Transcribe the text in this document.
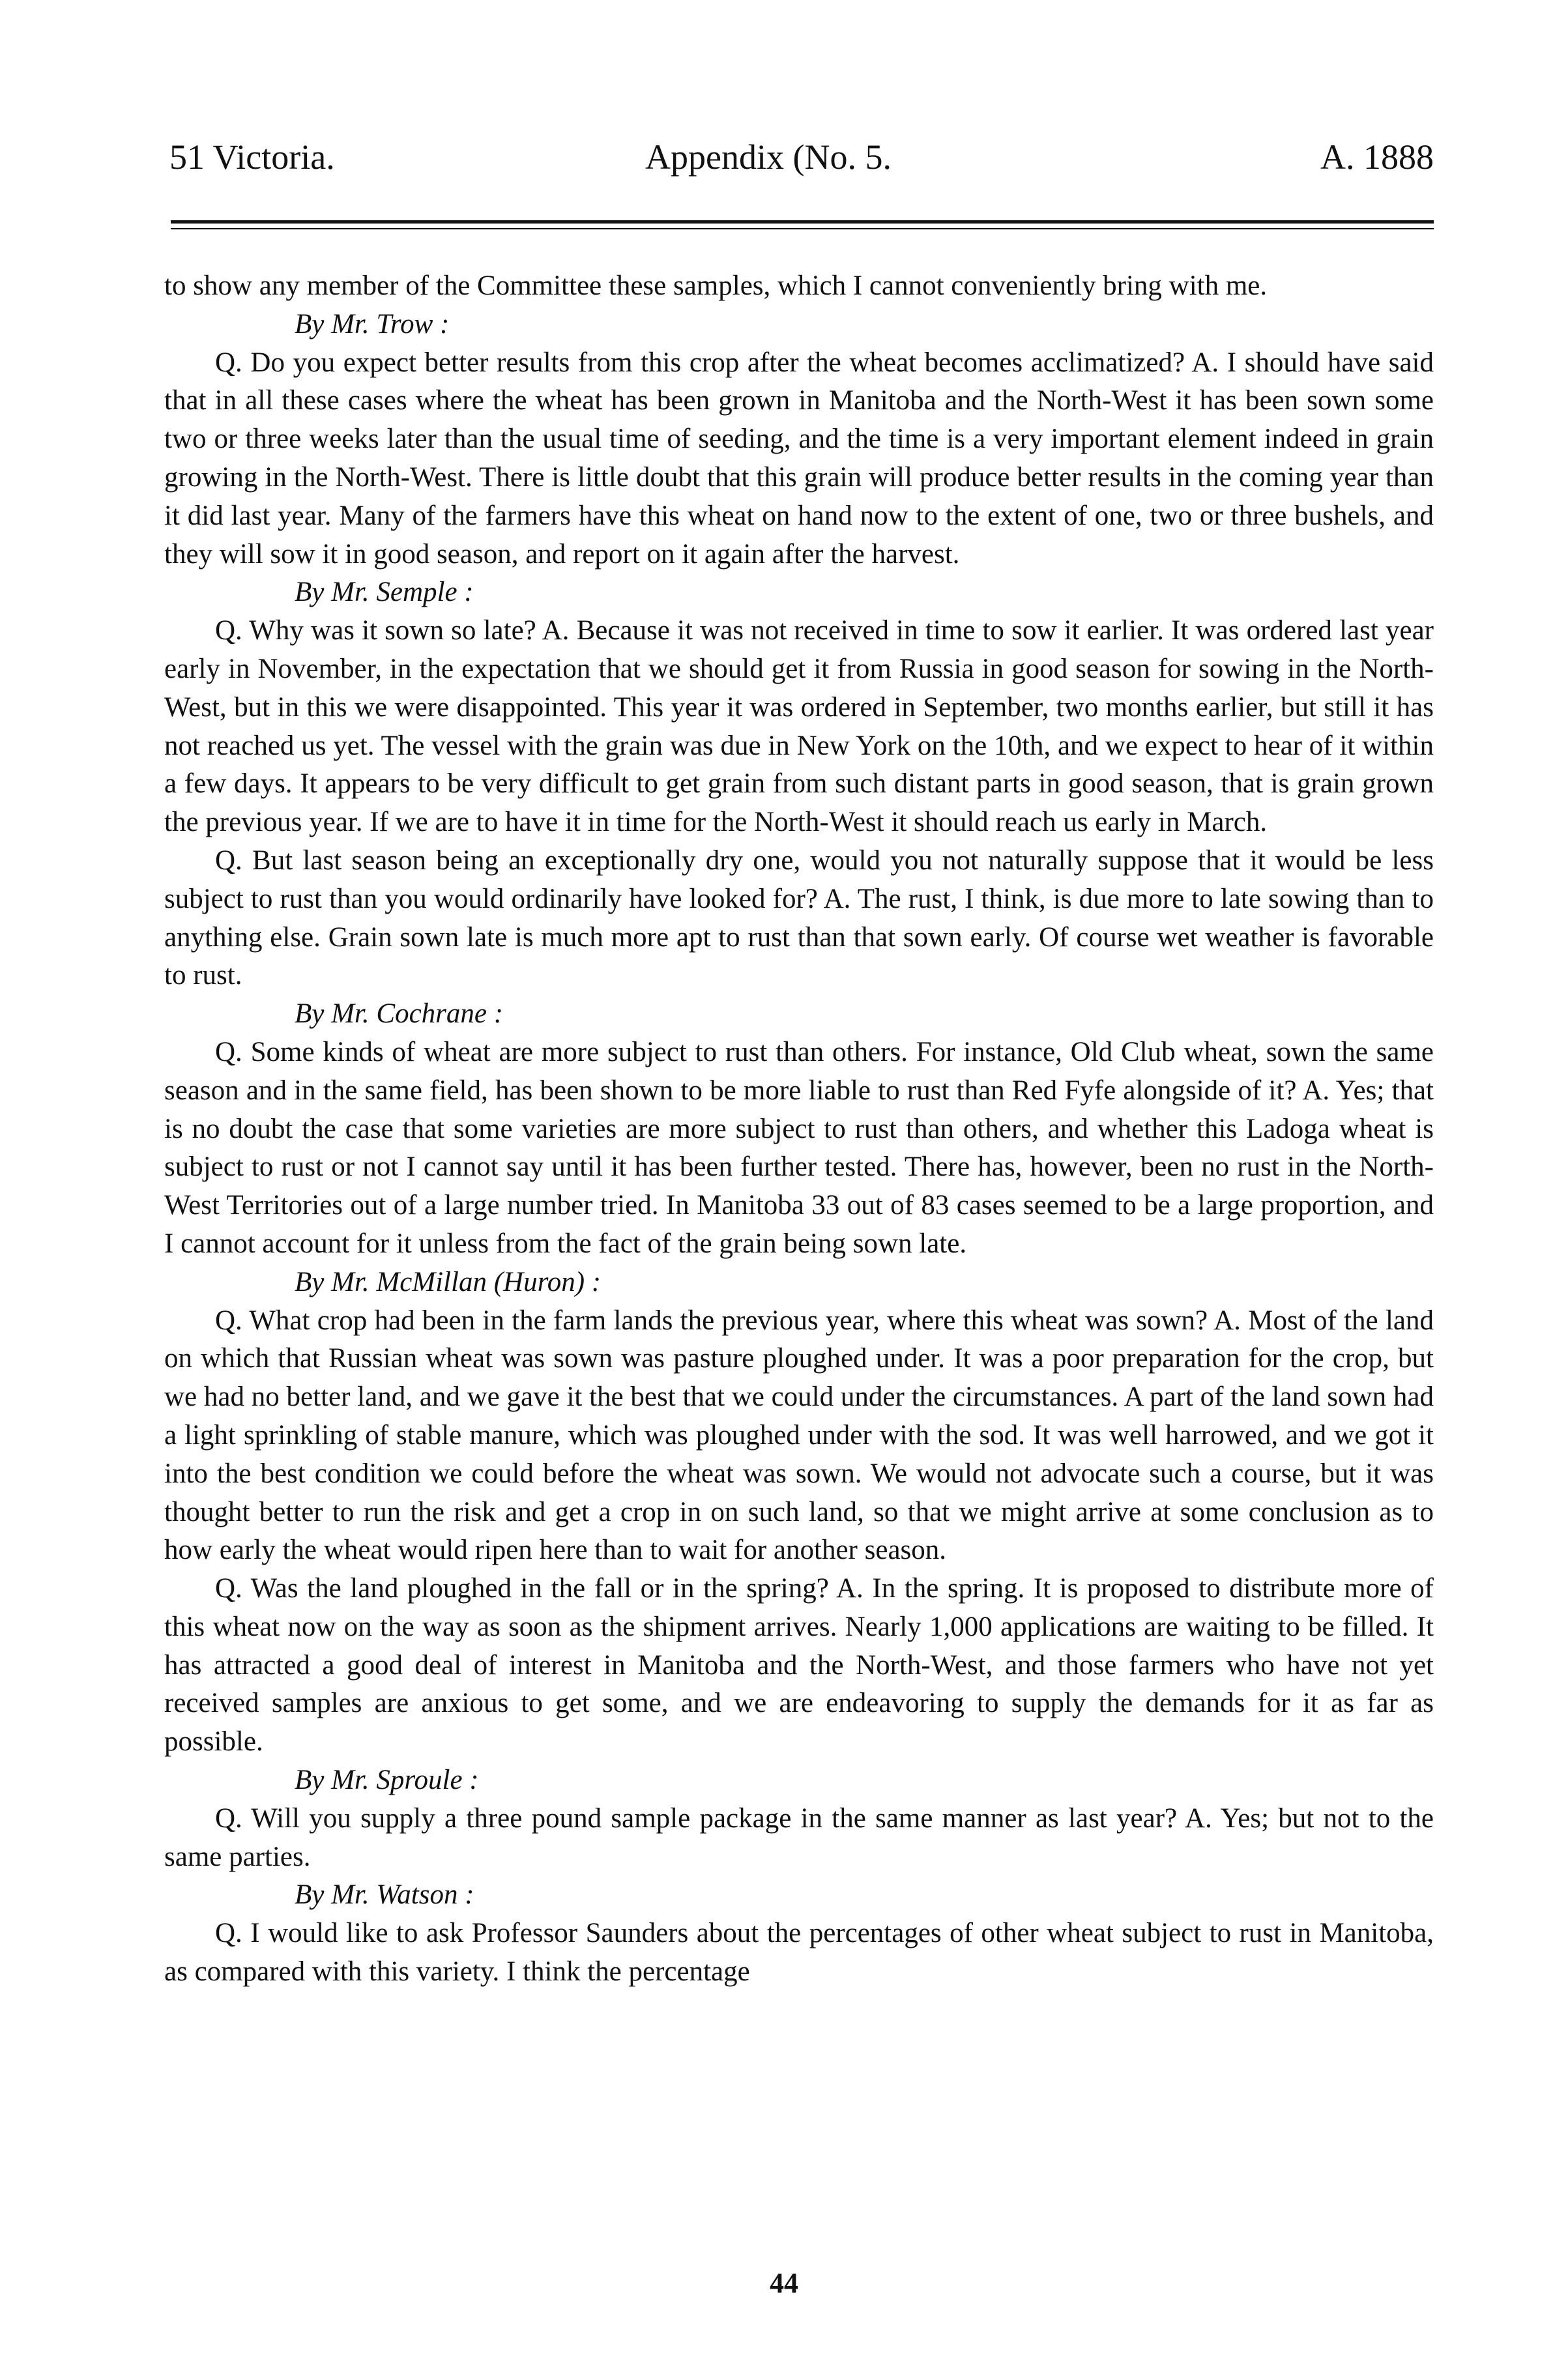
51 Victoria.	Appendix (No. 5.	A. 1888

to show any member of the Committee these samples, which I cannot conveniently bring with me.

By Mr. Trow :

Q. Do you expect better results from this crop after the wheat becomes acclimatized? A. I should have said that in all these cases where the wheat has been grown in Manitoba and the North-West it has been sown some two or three weeks later than the usual time of seeding, and the time is a very important element indeed in grain growing in the North-West. There is little doubt that this grain will produce better results in the coming year than it did last year. Many of the farmers have this wheat on hand now to the extent of one, two or three bushels, and they will sow it in good season, and report on it again after the harvest.

By Mr. Semple :

Q. Why was it sown so late? A. Because it was not received in time to sow it earlier. It was ordered last year early in November, in the expectation that we should get it from Russia in good season for sowing in the North-West, but in this we were disappointed. This year it was ordered in September, two months earlier, but still it has not reached us yet. The vessel with the grain was due in New York on the 10th, and we expect to hear of it within a few days. It appears to be very difficult to get grain from such distant parts in good season, that is grain grown the previous year. If we are to have it in time for the North-West it should reach us early in March.

Q. But last season being an exceptionally dry one, would you not naturally suppose that it would be less subject to rust than you would ordinarily have looked for? A. The rust, I think, is due more to late sowing than to anything else. Grain sown late is much more apt to rust than that sown early. Of course wet weather is favorable to rust.

By Mr. Cochrane :

Q. Some kinds of wheat are more subject to rust than others. For instance, Old Club wheat, sown the same season and in the same field, has been shown to be more liable to rust than Red Fyfe alongside of it? A. Yes; that is no doubt the case that some varieties are more subject to rust than others, and whether this Ladoga wheat is subject to rust or not I cannot say until it has been further tested. There has, however, been no rust in the North-West Territories out of a large number tried. In Manitoba 33 out of 83 cases seemed to be a large proportion, and I cannot account for it unless from the fact of the grain being sown late.

By Mr. McMillan (Huron) :

Q. What crop had been in the farm lands the previous year, where this wheat was sown? A. Most of the land on which that Russian wheat was sown was pasture ploughed under. It was a poor preparation for the crop, but we had no better land, and we gave it the best that we could under the circumstances. A part of the land sown had a light sprinkling of stable manure, which was ploughed under with the sod. It was well harrowed, and we got it into the best condition we could before the wheat was sown. We would not advocate such a course, but it was thought better to run the risk and get a crop in on such land, so that we might arrive at some conclusion as to how early the wheat would ripen here than to wait for another season.

Q. Was the land ploughed in the fall or in the spring? A. In the spring. It is proposed to distribute more of this wheat now on the way as soon as the shipment arrives. Nearly 1,000 applications are waiting to be filled. It has attracted a good deal of interest in Manitoba and the North-West, and those farmers who have not yet received samples are anxious to get some, and we are endeavoring to supply the demands for it as far as possible.

By Mr. Sproule :

Q. Will you supply a three pound sample package in the same manner as last year? A. Yes; but not to the same parties.

By Mr. Watson :

Q. I would like to ask Professor Saunders about the percentages of other wheat subject to rust in Manitoba, as compared with this variety. I think the percentage

44
